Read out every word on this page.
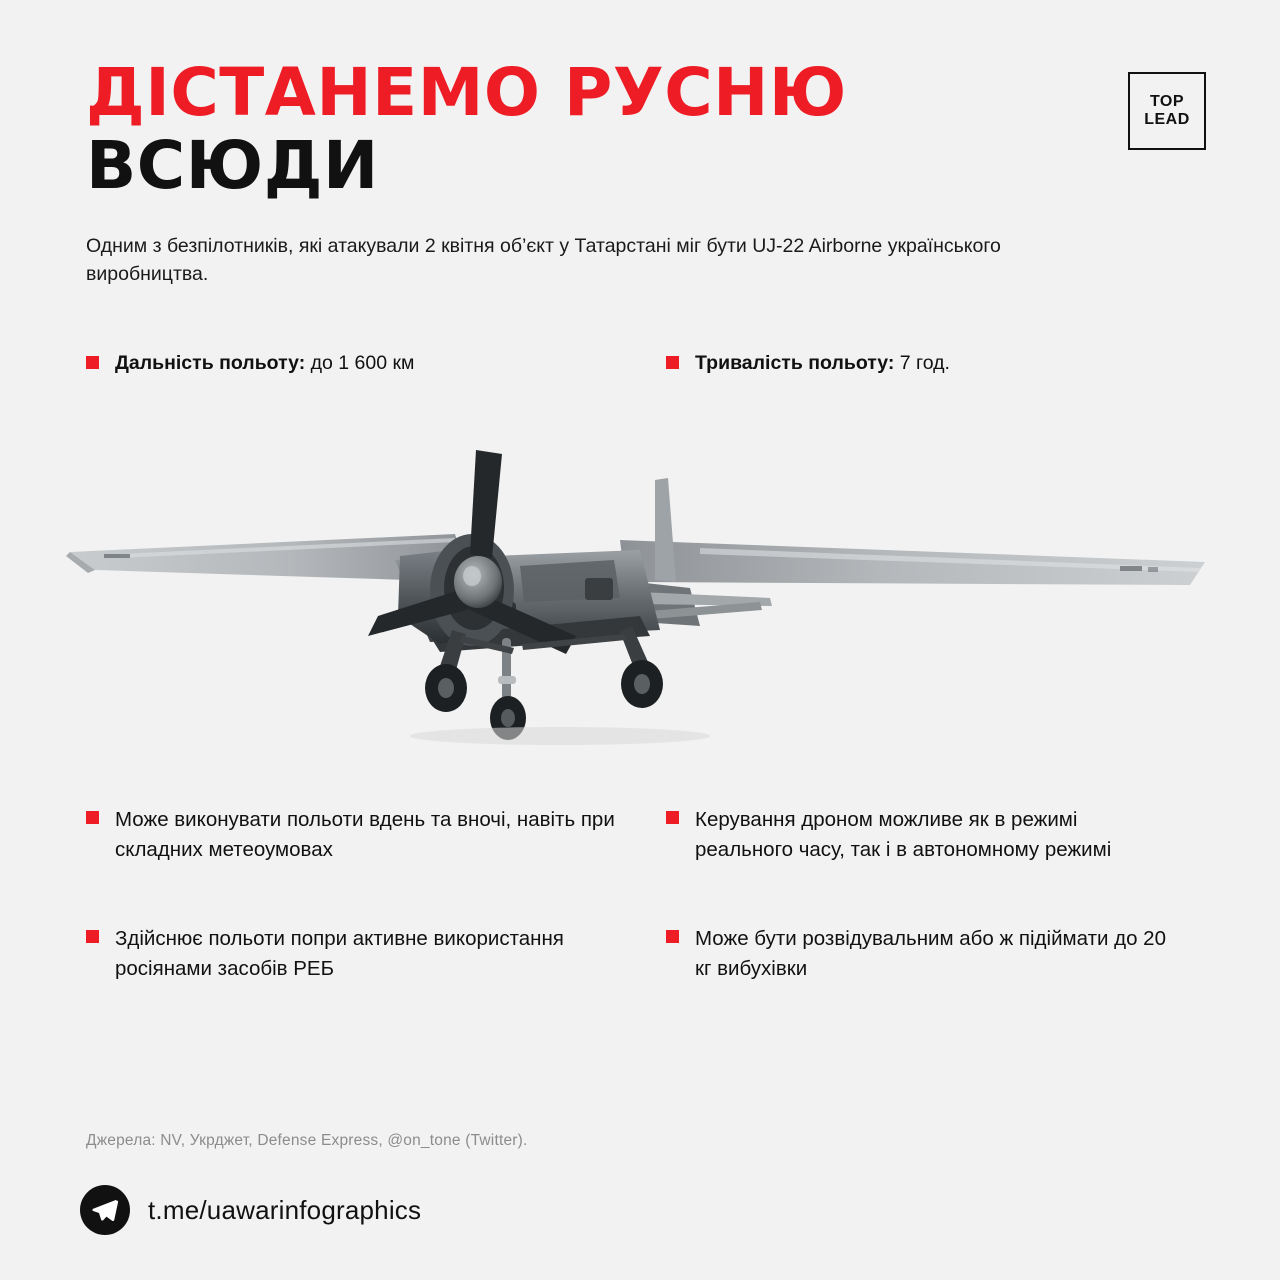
ДІСТАНЕМО РУСНЮ
ВСЮДИ
TOP
LEAD
Одним з безпілотників, які атакували 2 квітня об’єкт у Татарстані міг бути UJ-22 Airborne українського виробництва.
Дальність польоту: до 1 600 км	Тривалість польоту: 7 год.
Може виконувати польоти вдень та вночі, навіть при складних метеоумовах
Керування дроном можливе як в режимі реального часу, так і в автономному режимі
Здійснює польоти попри активне використання росіянами засобів РЕБ
Може бути розвідувальним або ж підіймати до 20 кг вибухівки
Джерела: NV, Укрджет, Defense Express, @on_tone (Twitter).
t.me/uawarinfographics
